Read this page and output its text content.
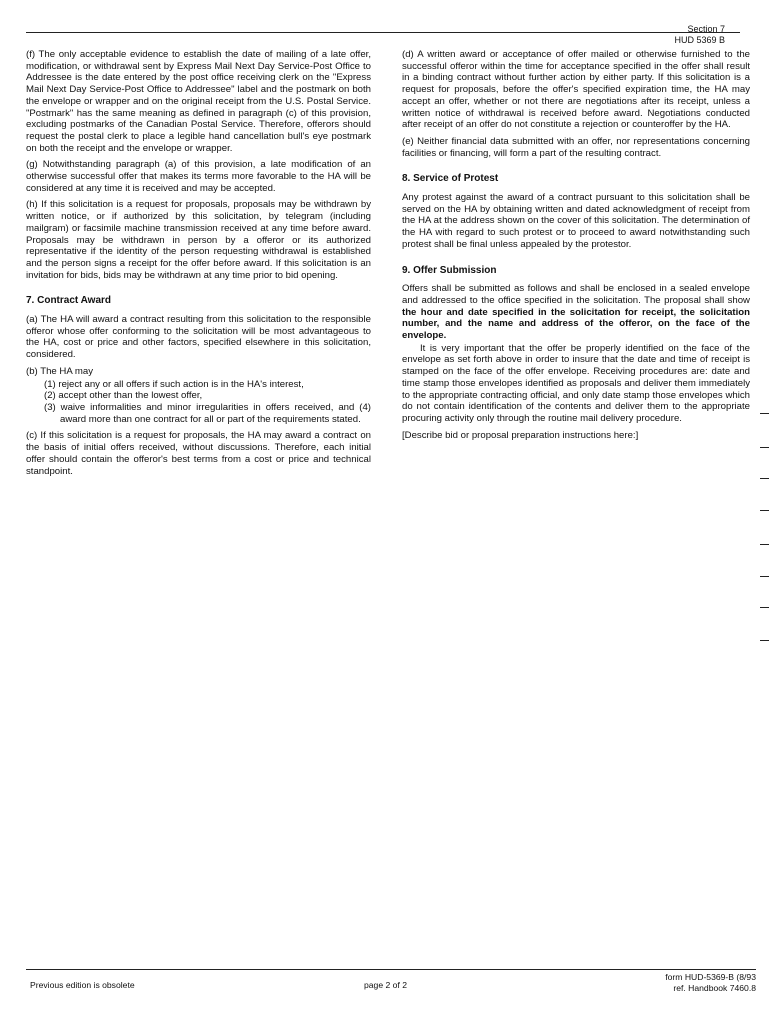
Section 7
HUD 5369 B

(f) The only acceptable evidence to establish the date of mailing of a late offer, modification, or withdrawal sent by Express Mail Next Day Service-Post Office to Addressee is the date entered by the post office receiving clerk on the "Express Mail Next Day Service-Post Office to Addressee" label and the postmark on both the envelope or wrapper and on the original receipt from the U.S. Postal Service. "Postmark" has the same meaning as defined in paragraph (c) of this provision, excluding postmarks of the Canadian Postal Service. Therefore, offerors should request the postal clerk to place a legible hand cancellation bull's eye postmark on both the receipt and the envelope or wrapper.

(g) Notwithstanding paragraph (a) of this provision, a late modification of an otherwise successful offer that makes its terms more favorable to the HA will be considered at any time it is received and may be accepted.

(h) If this solicitation is a request for proposals, proposals may be withdrawn by written notice, or if authorized by this solicitation, by telegram (including mailgram) or facsimile machine transmission received at any time before award. Proposals may be withdrawn in person by a offeror or its authorized representative if the identity of the person requesting withdrawal is established and the person signs a receipt for the offer before award. If this solicitation is an invitation for bids, bids may be withdrawn at any time prior to bid opening.

7. Contract Award

(a) The HA will award a contract resulting from this solicitation to the responsible offeror whose offer conforming to the solicitation will be most advantageous to the HA, cost or price and other factors, specified elsewhere in this solicitation, considered.

(b) The HA may

(1) reject any or all offers if such action is in the HA's interest,
(2) accept other than the lowest offer,
(3) waive informalities and minor irregularities in offers received, and (4) award more than one contract for all or part of the requirements stated.

(c) If this solicitation is a request for proposals, the HA may award a contract on the basis of initial offers received, without discussions. Therefore, each initial offer should contain the offeror's best terms from a cost or price and technical standpoint.

(d) A written award or acceptance of offer mailed or otherwise furnished to the successful offeror within the time for acceptance specified in the offer shall result in a binding contract without further action by either party. If this solicitation is a request for proposals, before the offer's specified expiration time, the HA may accept an offer, whether or not there are negotiations after its receipt, unless a written notice of withdrawal is received before award. Negotiations conducted after receipt of an offer do not constitute a rejection or counteroffer by the HA.

(e) Neither financial data submitted with an offer, nor representations concerning facilities or financing, will form a part of the resulting contract.

8. Service of Protest

Any protest against the award of a contract pursuant to this solicitation shall be served on the HA by obtaining written and dated acknowledgment of receipt from the HA at the address shown on the cover of this solicitation. The determination of the HA with regard to such protest or to proceed to award notwithstanding such protest shall be final unless appealed by the protestor.

9. Offer Submission

Offers shall be submitted as follows and shall be enclosed in a sealed envelope and addressed to the office specified in the solicitation. The proposal shall show the hour and date specified in the solicitation for receipt, the solicitation number, and the name and address of the offeror, on the face of the envelope.

It is very important that the offer be properly identified on the face of the envelope as set forth above in order to insure that the date and time of receipt is stamped on the face of the offer envelope. Receiving procedures are: date and time stamp those envelopes identified as proposals and deliver them immediately to the appropriate contracting official, and only date stamp those envelopes which do not contain identification of the contents and deliver them to the appropriate procuring activity only through the routine mail delivery procedure.

[Describe bid or proposal preparation instructions here:]

Previous edition is obsolete	page 2 of 2
form HUD-5369-B (8/93
ref. Handbook 7460.8
